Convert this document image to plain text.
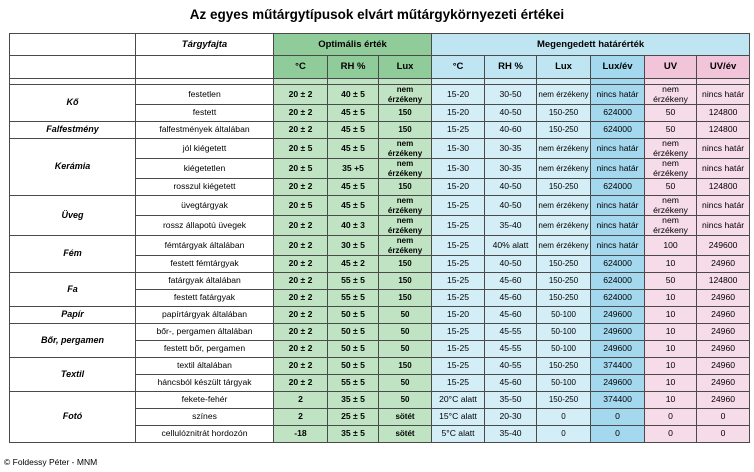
Az egyes műtárgytípusok elvárt műtárgykörnyezeti értékei
	Tárgyfajta	Optimális érték			Megengedett határérték					
		°C	RH %	Lux	°C	RH %	Lux	Lux/év	UV	UV/év

Kő	festetlen	20 ± 2	40 ± 5	nem érzékeny	15-20	30-50	nem érzékeny	nincs határ	nem érzékeny	nincs határ
	festett	20 ± 2	45 ± 5	150	15-20	40-50	150-250	624000	50	124800
Falfestmény	falfestmények általában	20 ± 2	45 ± 5	150	15-25	40-60	150-250	624000	50	124800
Kerámia	jól kiégetett	20 ± 5	45 ± 5	nem érzékeny	15-30	30-35	nem érzékeny	nincs határ	nem érzékeny	nincs határ
	kiégetetlen	20 ± 5	35 +5	nem érzékeny	15-30	30-35	nem érzékeny	nincs határ	nem érzékeny	nincs határ
	rosszul kiégetett	20 ± 2	45 ± 5	150	15-20	40-50	150-250	624000	50	124800
Üveg	üvegtárgyak	20 ± 5	45 ± 5	nem érzékeny	15-25	40-50	nem érzékeny	nincs határ	nem érzékeny	nincs határ
	rossz állapotú üvegek	20 ± 2	40 ± 3	nem érzékeny	15-25	35-40	nem érzékeny	nincs határ	nem érzékeny	nincs határ
Fém	fémtárgyak általában	20 ± 2	30 ± 5	nem érzékeny	15-25	40% alatt	nem érzékeny	nincs határ	100	249600
	festett fémtárgyak	20 ± 2	45 ± 2	150	15-25	40-50	150-250	624000	10	24960
Fa	fatárgyak általában	20 ± 2	55 ± 5	150	15-25	45-60	150-250	624000	50	124800
	festett fatárgyak	20 ± 2	55 ± 5	150	15-25	45-60	150-250	624000	10	24960
Papír	papírtárgyak általában	20 ± 2	50 ± 5	50	15-20	45-60	50-100	249600	10	24960
Bőr, pergamen	bőr-, pergamen általában	20 ± 2	50 ± 5	50	15-25	45-55	50-100	249600	10	24960
	festett bőr, pergamen	20 ± 2	50 ± 5	50	15-25	45-55	50-100	249600	10	24960
Textil	textil általában	20 ± 2	50 ± 5	150	15-25	40-55	150-250	374400	10	24960
	háncsból készült tárgyak	20 ± 2	55 ± 5	50	15-25	45-60	50-100	249600	10	24960
Fotó	fekete-fehér	2	35 ± 5	50	20°C alatt	35-50	150-250	374400	10	24960
	színes	2	25 ± 5	sötét	15°C alatt	20-30	0	0	0	0
	cellulóznitrát hordozón	-18	35 ± 5	sötét	5°C alatt	35-40	0	0	0	0
© Foldessy Péter - MNM
